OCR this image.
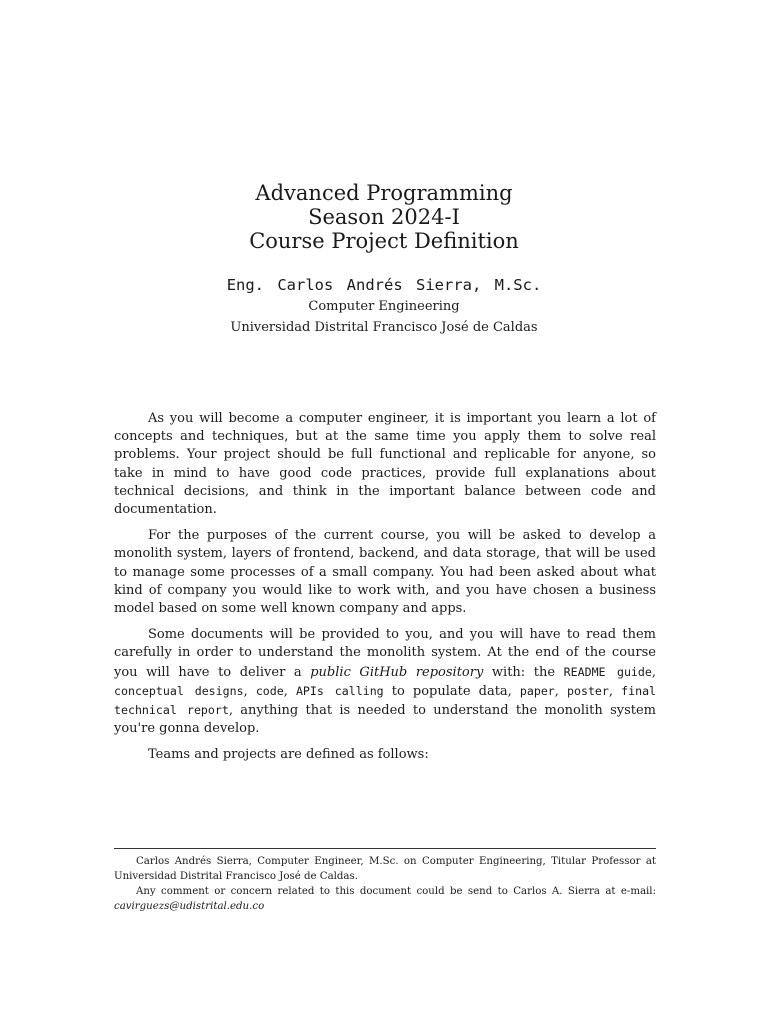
Advanced Programming
Season 2024-I
Course Project Definition
Eng. Carlos Andrés Sierra, M.Sc.
Computer Engineering
Universidad Distrital Francisco José de Caldas

As you will become a computer engineer, it is important you learn a lot of concepts and techniques, but at the same time you apply them to solve real problems. Your project should be full functional and replicable for anyone, so take in mind to have good code practices, provide full explanations about technical decisions, and think in the important balance between code and documentation.

For the purposes of the current course, you will be asked to develop a monolith system, layers of frontend, backend, and data storage, that will be used to manage some processes of a small company. You had been asked about what kind of company you would like to work with, and you have chosen a business model based on some well known company and apps.

Some documents will be provided to you, and you will have to read them carefully in order to understand the monolith system. At the end of the course you will have to deliver a public GitHub repository with: the README guide, conceptual designs, code, APIs calling to populate data, paper, poster, final technical report, anything that is needed to understand the monolith system you're gonna develop.

Teams and projects are defined as follows:

Carlos Andrés Sierra, Computer Engineer, M.Sc. on Computer Engineering, Titular Professor at Universidad Distrital Francisco José de Caldas.

Any comment or concern related to this document could be send to Carlos A. Sierra at e-mail: cavirguezs@udistrital.edu.co
